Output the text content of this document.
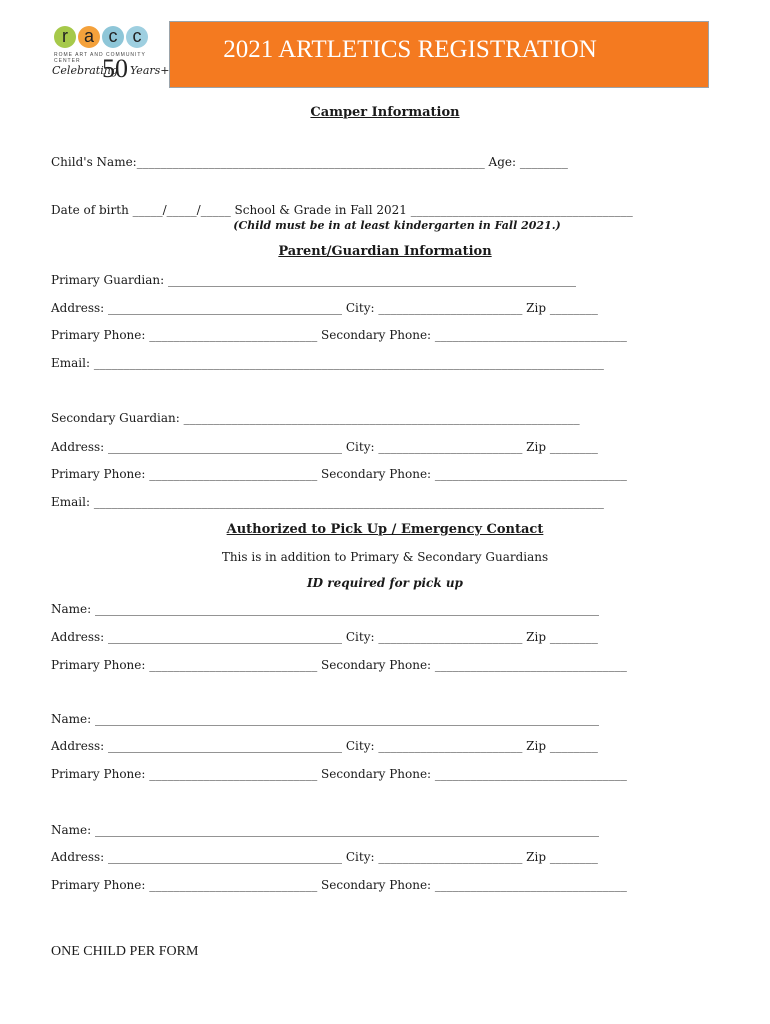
r a c c
ROME ART AND COMMUNITY CENTER
Celebrating
50 Years+
2021 ARTLETICS REGISTRATION
Camper Information
Child's Name:__________________________________________________________ Age: ________
Date of birth _____/_____/_____ School & Grade in Fall 2021 _____________________________________
(Child must be in at least kindergarten in Fall 2021.)
Parent/Guardian Information
Primary Guardian: ____________________________________________________________________
Address: _______________________________________ City: ________________________ Zip ________
Primary Phone: ____________________________ Secondary Phone: ________________________________
Email: _____________________________________________________________________________________
Secondary Guardian: __________________________________________________________________
Address: _______________________________________ City: ________________________ Zip ________
Primary Phone: ____________________________ Secondary Phone: ________________________________
Email: _____________________________________________________________________________________
Authorized to Pick Up / Emergency Contact
This is in addition to Primary & Secondary Guardians
ID required for pick up
Name: ____________________________________________________________________________________
Address: _______________________________________ City: ________________________ Zip ________
Primary Phone: ____________________________ Secondary Phone: ________________________________
Name: ____________________________________________________________________________________
Address: _______________________________________ City: ________________________ Zip ________
Primary Phone: ____________________________ Secondary Phone: ________________________________
Name: ____________________________________________________________________________________
Address: _______________________________________ City: ________________________ Zip ________
Primary Phone: ____________________________ Secondary Phone: ________________________________
ONE CHILD PER FORM
